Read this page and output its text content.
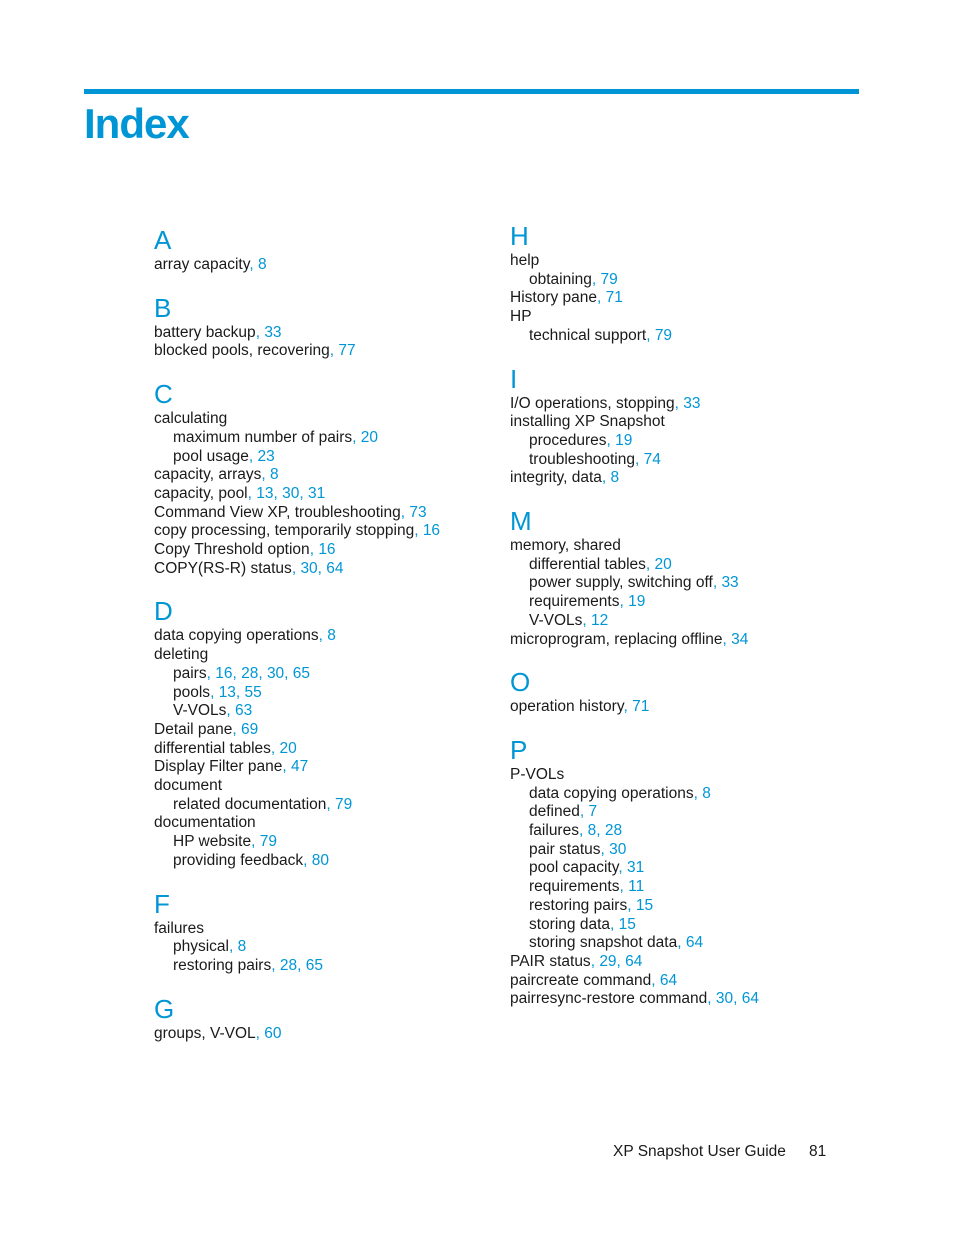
Index
A
array capacity, 8
B
battery backup, 33
blocked pools, recovering, 77
C
calculating
maximum number of pairs, 20
pool usage, 23
capacity, arrays, 8
capacity, pool, 13, 30, 31
Command View XP, troubleshooting, 73
copy processing, temporarily stopping, 16
Copy Threshold option, 16
COPY(RS-R) status, 30, 64
D
data copying operations, 8
deleting
pairs, 16, 28, 30, 65
pools, 13, 55
V-VOLs, 63
Detail pane, 69
differential tables, 20
Display Filter pane, 47
document
related documentation, 79
documentation
HP website, 79
providing feedback, 80
F
failures
physical, 8
restoring pairs, 28, 65
G
groups, V-VOL, 60
H
help
obtaining, 79
History pane, 71
HP
technical support, 79
I
I/O operations, stopping, 33
installing XP Snapshot
procedures, 19
troubleshooting, 74
integrity, data, 8
M
memory, shared
differential tables, 20
power supply, switching off, 33
requirements, 19
V-VOLs, 12
microprogram, replacing offline, 34
O
operation history, 71
P
P-VOLs
data copying operations, 8
defined, 7
failures, 8, 28
pair status, 30
pool capacity, 31
requirements, 11
restoring pairs, 15
storing data, 15
storing snapshot data, 64
PAIR status, 29, 64
paircreate command, 64
pairresync-restore command, 30, 64
XP Snapshot User Guide 81
